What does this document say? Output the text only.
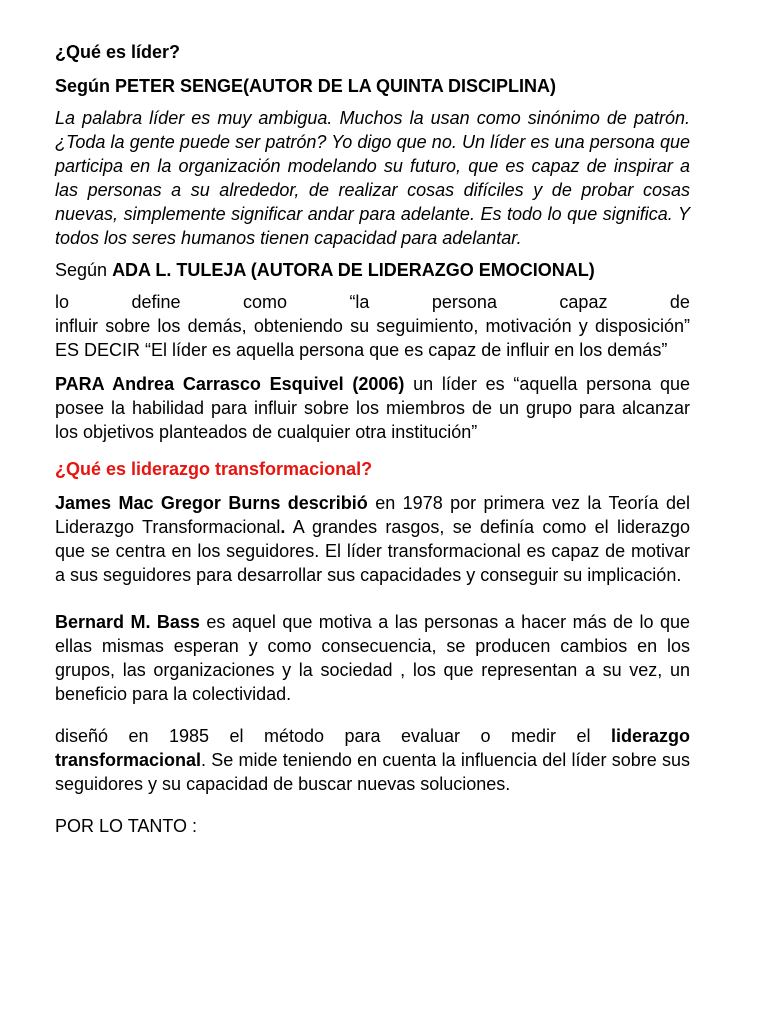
¿Qué es líder?

Según PETER SENGE(AUTOR DE LA QUINTA DISCIPLINA)

La palabra líder es muy ambigua. Muchos la usan como sinónimo de patrón. ¿Toda la gente puede ser patrón? Yo digo que no. Un líder es una persona que participa en la organización modelando su futuro, que es capaz de inspirar a las personas a su alrededor, de realizar cosas difíciles y de probar cosas nuevas, simplemente significar andar para adelante. Es todo lo que significa. Y todos los seres humanos tienen capacidad para adelantar.

Según ADA L. TULEJA (AUTORA DE LIDERAZGO EMOCIONAL)

lo	define	como	“la	persona	capaz	de

influir sobre los demás, obteniendo su seguimiento, motivación y disposición” ES DECIR “El líder es aquella persona que es capaz de influir en los demás”

PARA Andrea Carrasco Esquivel (2006) un líder es “aquella persona que posee la habilidad para influir sobre los miembros de un grupo para alcanzar los objetivos planteados de cualquier otra institución”

¿Qué es liderazgo transformacional?

James Mac Gregor Burns describió en 1978 por primera vez la Teoría del Liderazgo Transformacional. A grandes rasgos, se definía como el liderazgo que se centra en los seguidores. El líder transformacional es capaz de motivar a sus seguidores para desarrollar sus capacidades y conseguir su implicación.

Bernard M. Bass es aquel que motiva a las personas a hacer más de lo que ellas mismas esperan y como consecuencia, se producen cambios en los grupos, las organizaciones y la sociedad , los que representan a su vez, un beneficio para la colectividad.

diseñó en 1985 el método para evaluar o medir el liderazgo transformacional. Se mide teniendo en cuenta la influencia del líder sobre sus seguidores y su capacidad de buscar nuevas soluciones.

POR LO TANTO :
